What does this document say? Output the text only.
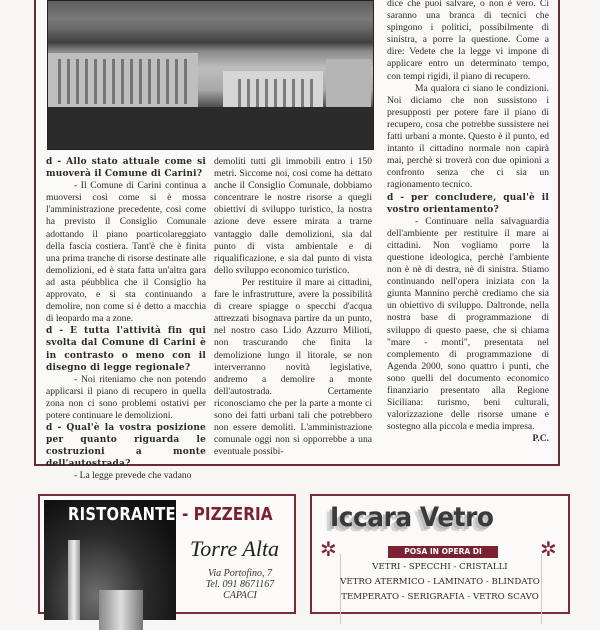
d - Allo stato attuale come si muoverà il Comune di Carini?

- Il Comune di Carini continua a muoversi così come si è mossa l'amministrazione precedente, così come ha previsto il Consiglio Comunale adottando il piano poarticolareggiato della fascia costiera. Tant'è che è finita una prima tranche di risorse destinate alle demolizioni, ed è stata fatta un'altra gara ad asta péubblica che il Consiglio ha approvato, e si sta continuando a demolire, non come si è detto a macchia di leopardo ma a zone.

d - E tutta l'attività fin qui svolta dal Comune di Carini è in contrasto o meno con il disegno di legge regionale?

- Noi riteniamo che non potendo applicarsi il piano di recupero in quella zona non ci sono problemi ostativi per potere continuare le demolizioni.

d - Qual'è la vostra posizione per quanto riguarda le costruzioni a monte dell'autostrada?

- La legge prevede che vadano

demoliti tutti gli immobili entro i 150 metri. Siccome noi, così come ha dettato anche il Consiglio Comunale, dobbiamo concentrare le nostre risorse a quegli obiettivi di sviluppo turistico, la nostra azione deve essere mirata a trarne vantaggio dalle demolizioni, sia dal punto di vista ambientale e di riqualificazione, e sia dal punto di vista dello sviluppo economico turistico.

Per restituire il mare ai cittadini, fare le infrastrutture, avere la possibilità di creare spiagge o specchi d'acqua attrezzati bisognava partire da un punto, nel nostro caso Lido Azzurro Milioti, non trascurando che finita la demolizione lungo il litorale, se non interverranno novità legislative, andremo a demolire a monte dell'autostrada. Certamente riconosciamo che per la parte a monte ci sono dei fatti urbani tali che potrebbero non essere demoliti. L'amministrazione comunale oggi non si opporrebbe a una eventuale possibi-

dice che puoi salvare, o non è vero. Ci saranno una branca di tecnici che spingono i politici, possibilmente di sinistra, a porre la questione. Come a dire: Vedete che la legge vi impone di applicare entro un determinato tempo, con tempi rigidi, il piano di recupero.

Ma qualora ci siano le condizioni. Noi diciamo che non sussistono i presupposti per potere fare il piano di recupero, cosa che potrebbe sussistere nei fatti urbani a monte. Questo è il punto, ed intanto il cittadino normale non capirà mai, perchè si troverà con due opinioni a confronto senza che ci sia un ragionamento tecnico.

d - per concludere, qual'è il vostro orientamento?

- Continuare nella salvaguardia dell'ambiente per restituire il mare ai cittadini. Non vogliamo porre la questione ideologica, perchè l'ambiente non è nè di destra, nè di sinistra. Stiamo continuando nell'opera iniziata con la giunta Mannino perchè crediamo che sia un obiettivo di sviluppo. Daltronde, nella nostra base di programmazione di sviluppo di questo paese, che si chiama "mare - monti", presentata nel complemento di programmazione di Agenda 2000, sono quattro i punti, che sono quelli del documento economico finanziario presentato alla Regione Siciliana: turismo, beni culturali, valorizzazione delle risorse umane e sostegno alla piccola e media impresa.

P.C.

RISTORANTE - PIZZERIA
Torre Alta
Via Portofino, 7
Tel. 091 8671167
CAPACI
Iccara Vetro
✲	✲
POSA IN OPERA DI
VETRI - SPECCHI - CRISTALLI
VETRO ATERMICO - LAMINATO - BLINDATO
TEMPERATO - SERIGRAFIA - VETRO SCAVO
